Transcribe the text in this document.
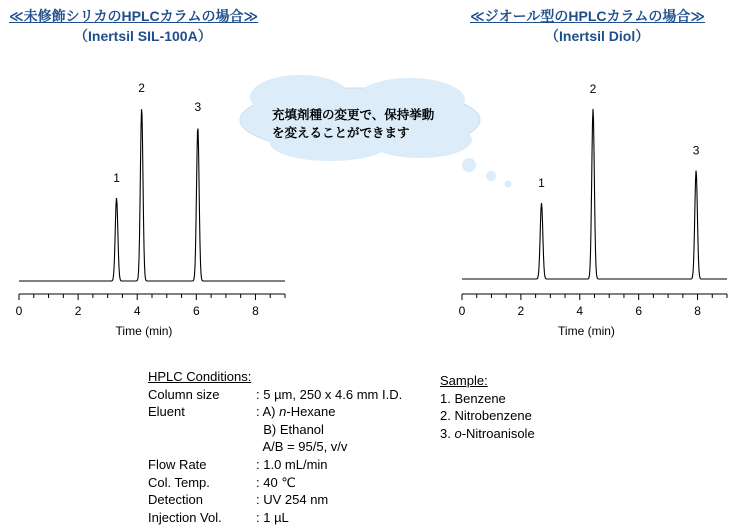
≪未修飾シリカのHPLCカラムの場合≫
（Inertsil SIL-100A）
≪ジオール型のHPLCカラムの場合≫
（Inertsil Diol）
充填剤種の変更で、保持挙動
を変えることができます
0	2	4	6	8
Time (min)
1
2
3
0	2	4	6	8
Time (min)
1
2
3
HPLC Conditions:
Column size	: 5 µm, 250 x 4.6 mm I.D.
Eluent	: A) n-Hexane
B) Ethanol
A/B = 95/5, v/v
Flow Rate	: 1.0 mL/min
Col. Temp.	: 40 ℃
Detection	: UV 254 nm
Injection Vol.	: 1 µL
Sample:
1. Benzene
2. Nitrobenzene
3. o-Nitroanisole
